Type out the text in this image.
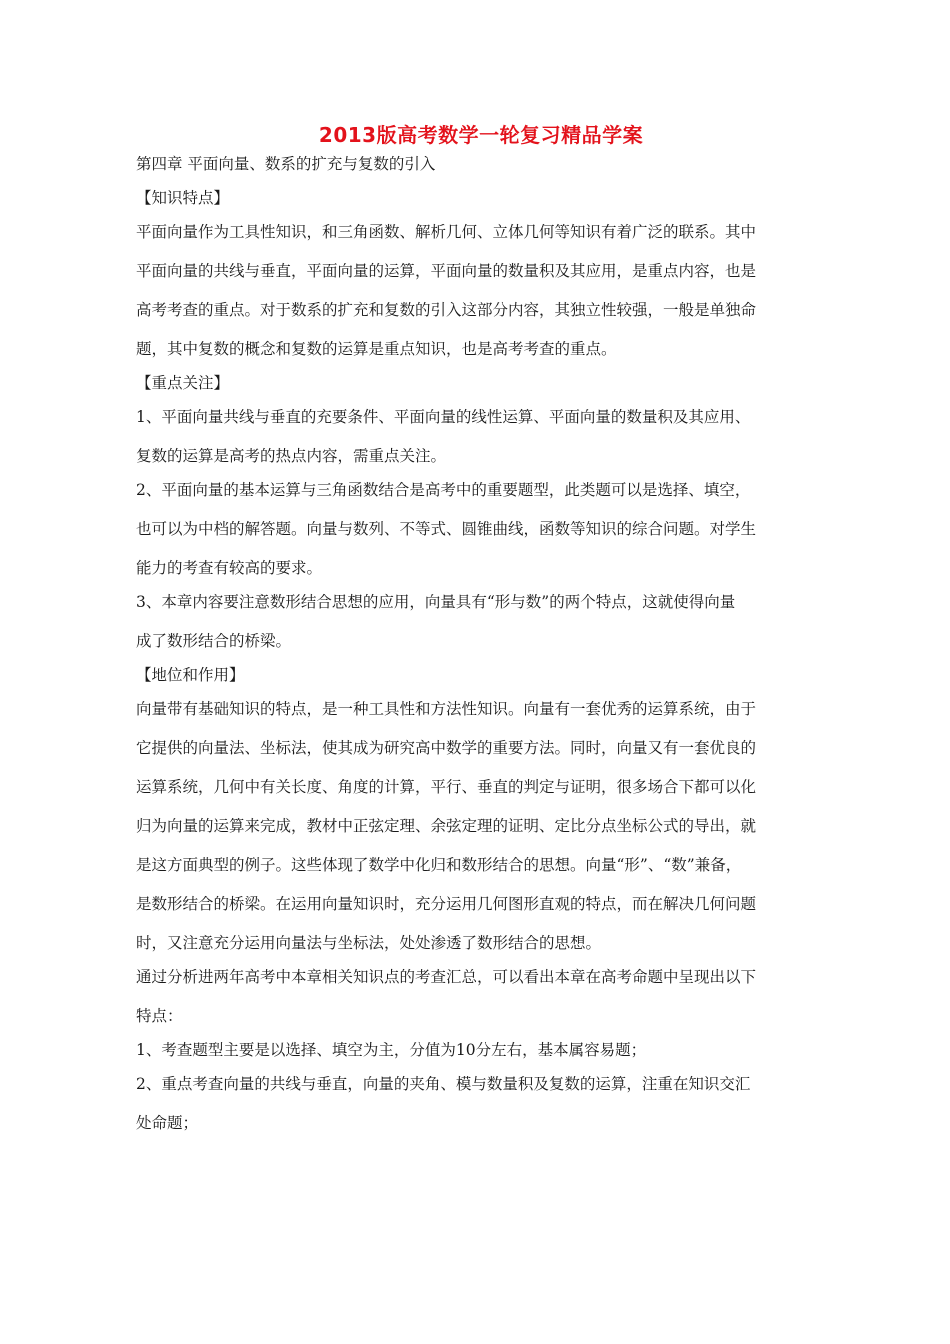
2013版高考数学一轮复习精品学案
第四章 平面向量、数系的扩充与复数的引入
【知识特点】
平面向量作为工具性知识，和三角函数、解析几何、立体几何等知识有着广泛的联系。其中
平面向量的共线与垂直，平面向量的运算，平面向量的数量积及其应用，是重点内容，也是
高考考查的重点。对于数系的扩充和复数的引入这部分内容，其独立性较强，一般是单独命
题，其中复数的概念和复数的运算是重点知识，也是高考考查的重点。
【重点关注】
1、平面向量共线与垂直的充要条件、平面向量的线性运算、平面向量的数量积及其应用、
复数的运算是高考的热点内容，需重点关注。
2、平面向量的基本运算与三角函数结合是高考中的重要题型，此类题可以是选择、填空，
也可以为中档的解答题。向量与数列、不等式、圆锥曲线，函数等知识的综合问题。对学生
能力的考查有较高的要求。
3、本章内容要注意数形结合思想的应用，向量具有“形与数”的两个特点，这就使得向量
成了数形结合的桥梁。
【地位和作用】
向量带有基础知识的特点，是一种工具性和方法性知识。向量有一套优秀的运算系统，由于
它提供的向量法、坐标法，使其成为研究高中数学的重要方法。同时，向量又有一套优良的
运算系统，几何中有关长度、角度的计算，平行、垂直的判定与证明，很多场合下都可以化
归为向量的运算来完成，教材中正弦定理、余弦定理的证明、定比分点坐标公式的导出，就
是这方面典型的例子。这些体现了数学中化归和数形结合的思想。向量“形”、“数”兼备，
是数形结合的桥梁。在运用向量知识时，充分运用几何图形直观的特点，而在解决几何问题
时，又注意充分运用向量法与坐标法，处处渗透了数形结合的思想。
通过分析进两年高考中本章相关知识点的考查汇总，可以看出本章在高考命题中呈现出以下
特点：
1、考查题型主要是以选择、填空为主，分值为10分左右，基本属容易题；
2、重点考查向量的共线与垂直，向量的夹角、模与数量积及复数的运算，注重在知识交汇
处命题；
